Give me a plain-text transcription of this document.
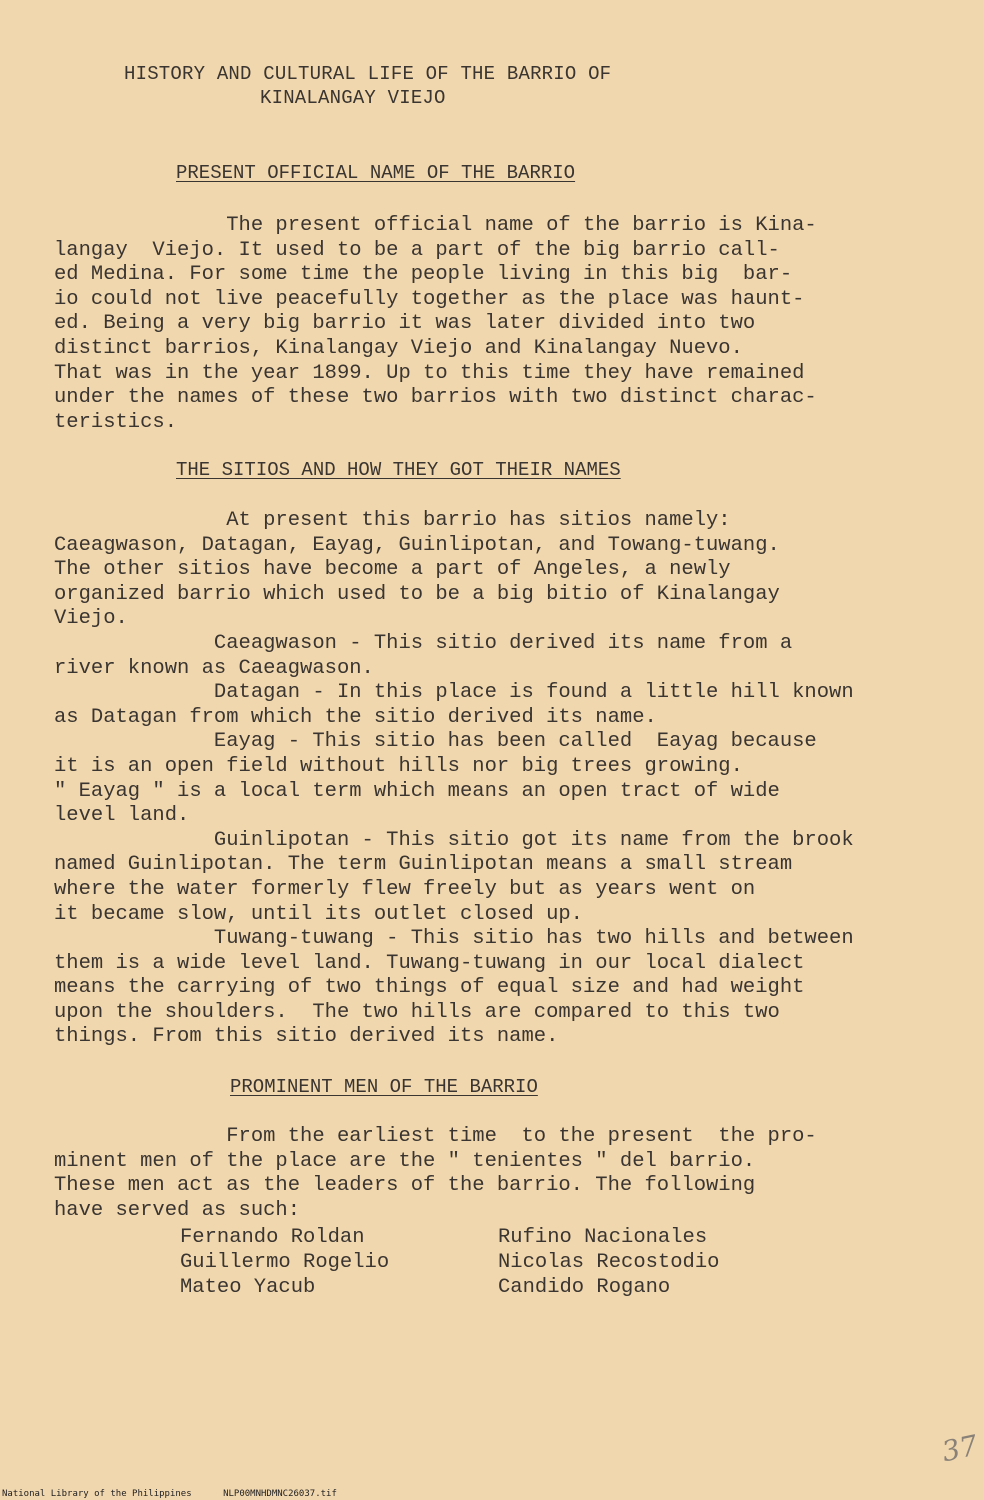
HISTORY AND CULTURAL LIFE OF THE BARRIO OF
KINALANGAY VIEJO
PRESENT OFFICIAL NAME OF THE BARRIO
The present official name of the barrio is Kina-
langay  Viejo. It used to be a part of the big barrio call-
ed Medina. For some time the people living in this big  bar-
io could not live peacefully together as the place was haunt-
ed. Being a very big barrio it was later divided into two
distinct barrios, Kinalangay Viejo and Kinalangay Nuevo.
That was in the year 1899. Up to this time they have remained
under the names of these two barrios with two distinct charac-
teristics.
THE SITIOS AND HOW THEY GOT THEIR NAMES
At present this barrio has sitios namely:
Caeagwason, Datagan, Eayag, Guinlipotan, and Towang-tuwang.
The other sitios have become a part of Angeles, a newly
organized barrio which used to be a big bitio of Kinalangay
Viejo.
Caeagwason - This sitio derived its name from a
river known as Caeagwason.
Datagan - In this place is found a little hill known
as Datagan from which the sitio derived its name.
Eayag - This sitio has been called  Eayag because
it is an open field without hills nor big trees growing.
" Eayag " is a local term which means an open tract of wide
level land.
Guinlipotan - This sitio got its name from the brook
named Guinlipotan. The term Guinlipotan means a small stream
where the water formerly flew freely but as years went on
it became slow, until its outlet closed up.
Tuwang-tuwang - This sitio has two hills and between
them is a wide level land. Tuwang-tuwang in our local dialect
means the carrying of two things of equal size and had weight
upon the shoulders.  The two hills are compared to this two
things. From this sitio derived its name.
PROMINENT MEN OF THE BARRIO
From the earliest time  to the present  the pro-
minent men of the place are the " tenientes " del barrio.
These men act as the leaders of the barrio. The following
have served as such:
Fernando Roldan
Guillermo Rogelio
Mateo Yacub
Rufino Nacionales
Nicolas Recostodio
Candido Rogano
37
National Library of the Philippines	NLP00MNHDMNC26037.tif
